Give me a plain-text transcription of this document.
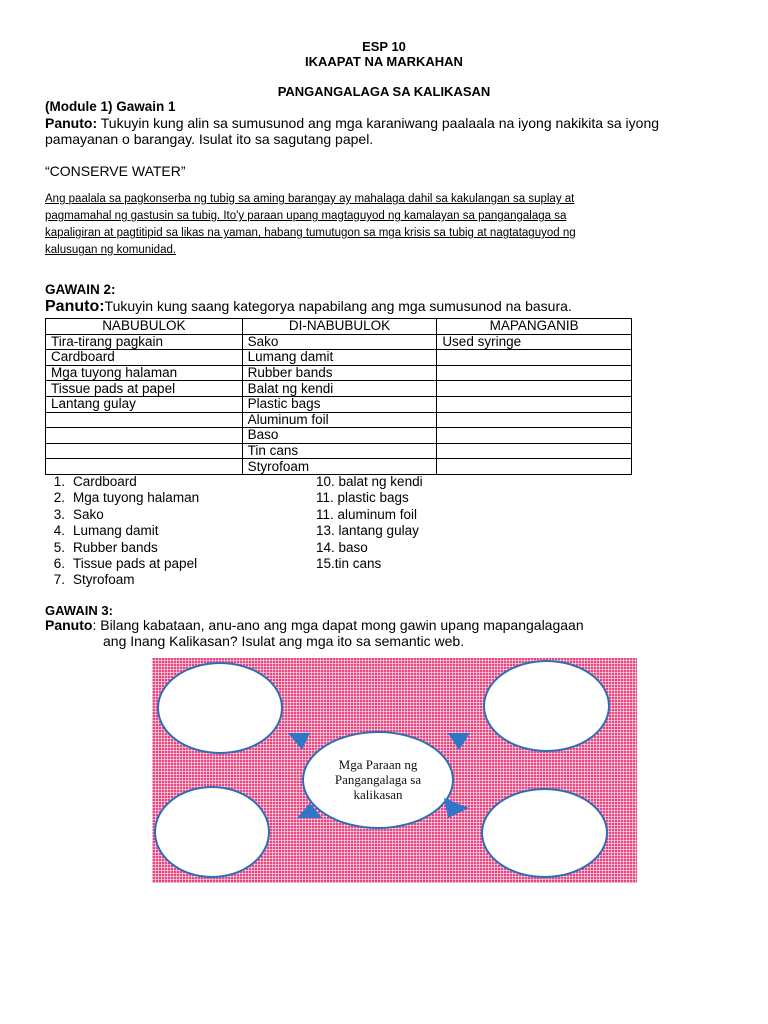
ESP 10
IKAAPAT NA MARKAHAN
PANGANGALAGA SA KALIKASAN
(Module 1) Gawain 1
Panuto: Tukuyin kung alin sa sumusunod ang mga karaniwang paalaala na iyong nakikita sa iyong
pamayanan o barangay. Isulat ito sa sagutang papel.
“CONSERVE WATER”
Ang paalala sa pagkonserba ng tubig sa aming barangay ay mahalaga dahil sa kakulangan sa suplay at
pagmamahal ng gastusin sa tubig. Ito'y paraan upang magtaguyod ng kamalayan sa pangangalaga sa
kapaligiran at pagtitipid sa likas na yaman, habang tumutugon sa mga krisis sa tubig at nagtataguyod ng
kalusugan ng komunidad.
GAWAIN 2:
Panuto:Tukuyin kung saang kategorya napabilang ang mga sumusunod na basura.
NABUBULOK	DI-NABUBULOK	MAPANGANIB
Tira-tirang pagkain	Sako	Used syringe
Cardboard	Lumang damit	
Mga tuyong halaman	Rubber bands	
Tissue pads at papel	Balat ng kendi	
Lantang gulay	Plastic bags	
	Aluminum foil	
	Baso	
	Tin cans	
	Styrofoam	
1. Cardboard
2. Mga tuyong halaman
3. Sako
4. Lumang damit
5. Rubber bands
6. Tissue pads at papel
7. Styrofoam
10. balat ng kendi
11. plastic bags
11. aluminum foil
13. lantang gulay
14. baso
15.tin cans
GAWAIN 3:
Panuto: Bilang kabataan, anu-ano ang mga dapat mong gawin upang mapangalagaan
ang Inang Kalikasan? Isulat ang mga ito sa semantic web.
Mga Paraan ng
Pangangalaga sa
kalikasan
